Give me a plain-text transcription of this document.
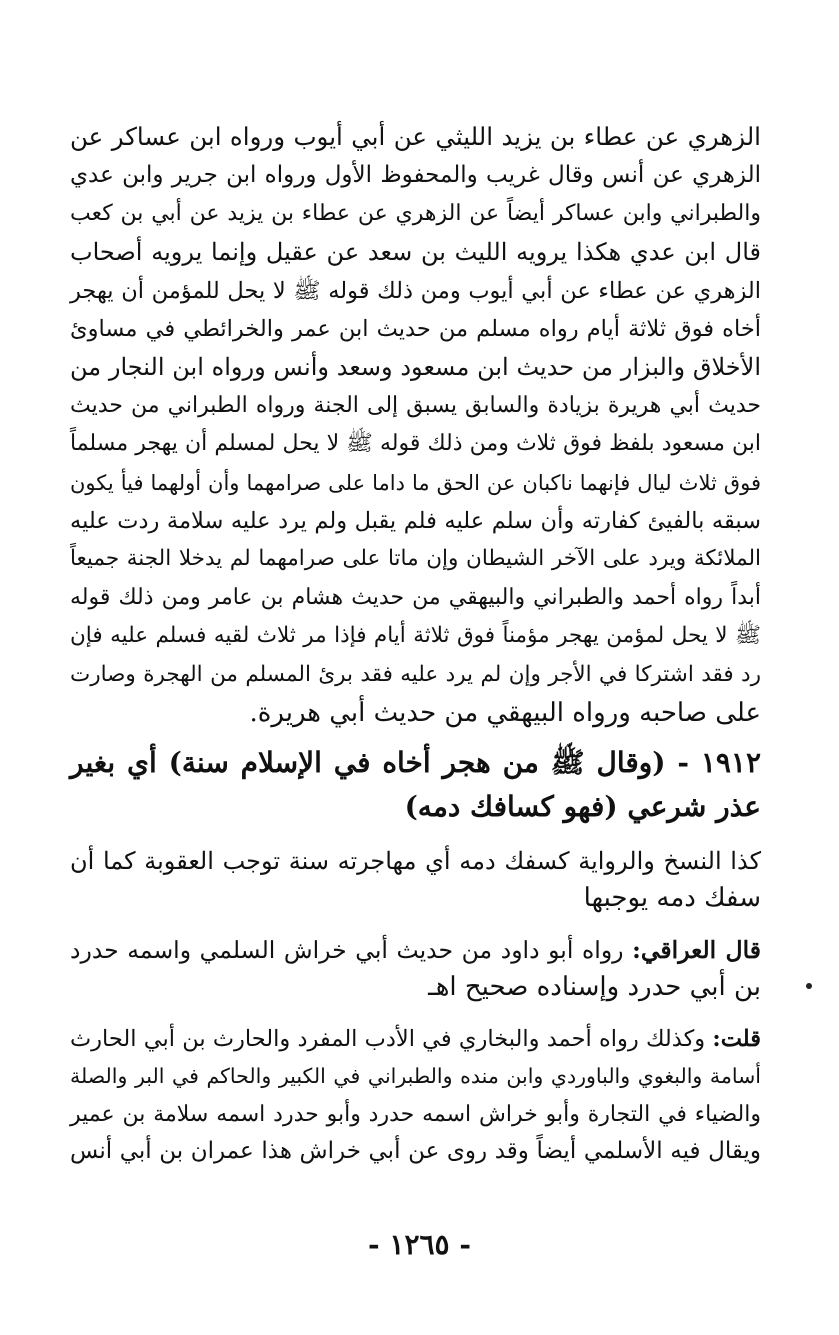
الزهري عن عطاء بن يزيد الليثي عن أبي أيوب ورواه ابن عساكر عن
الزهري عن أنس وقال غريب والمحفوظ الأول ورواه ابن جرير وابن عدي
والطبراني وابن عساكر أيضاً عن الزهري عن عطاء بن يزيد عن أبي بن كعب
قال ابن عدي هكذا يرويه الليث بن سعد عن عقيل وإنما يرويه أصحاب
الزهري عن عطاء عن أبي أيوب ومن ذلك قوله ﷺ لا يحل للمؤمن أن يهجر
أخاه فوق ثلاثة أيام رواه مسلم من حديث ابن عمر والخرائطي في مساوئ
الأخلاق والبزار من حديث ابن مسعود وسعد وأنس ورواه ابن النجار من
حديث أبي هريرة بزيادة والسابق يسبق إلى الجنة ورواه الطبراني من حديث
ابن مسعود بلفظ فوق ثلاث ومن ذلك قوله ﷺ لا يحل لمسلم أن يهجر مسلماً
فوق ثلاث ليال فإنهما ناكبان عن الحق ما داما على صرامهما وأن أولهما فيأ يكون
سبقه بالفيئ كفارته وأن سلم عليه فلم يقبل ولم يرد عليه سلامة ردت عليه
الملائكة ويرد على الآخر الشيطان وإن ماتا على صرامهما لم يدخلا الجنة جميعاً
أبداً رواه أحمد والطبراني والبيهقي من حديث هشام بن عامر ومن ذلك قوله
ﷺ لا يحل لمؤمن يهجر مؤمناً فوق ثلاثة أيام فإذا مر ثلاث لقيه فسلم عليه فإن
رد فقد اشتركا في الأجر وإن لم يرد عليه فقد برئ المسلم من الهجرة وصارت
على صاحبه ورواه البيهقي من حديث أبي هريرة.
١٩١٢ - (وقال ﷺ من هجر أخاه في الإسلام سنة) أي بغير
عذر شرعي (فهو كسافك دمه)
كذا النسخ والرواية كسفك دمه أي مهاجرته سنة توجب العقوبة كما أن
سفك دمه يوجبها
قال العراقي: رواه أبو داود من حديث أبي خراش السلمي واسمه حدرد
بن أبي حدرد وإسناده صحيح اهـ
قلت: وكذلك رواه أحمد والبخاري في الأدب المفرد والحارث بن أبي الحارث
أسامة والبغوي والباوردي وابن منده والطبراني في الكبير والحاكم في البر والصلة
والضياء في التجارة وأبو خراش اسمه حدرد وأبو حدرد اسمه سلامة بن عمير
ويقال فيه الأسلمي أيضاً وقد روى عن أبي خراش هذا عمران بن أبي أنس
- ١٢٦٥ -
